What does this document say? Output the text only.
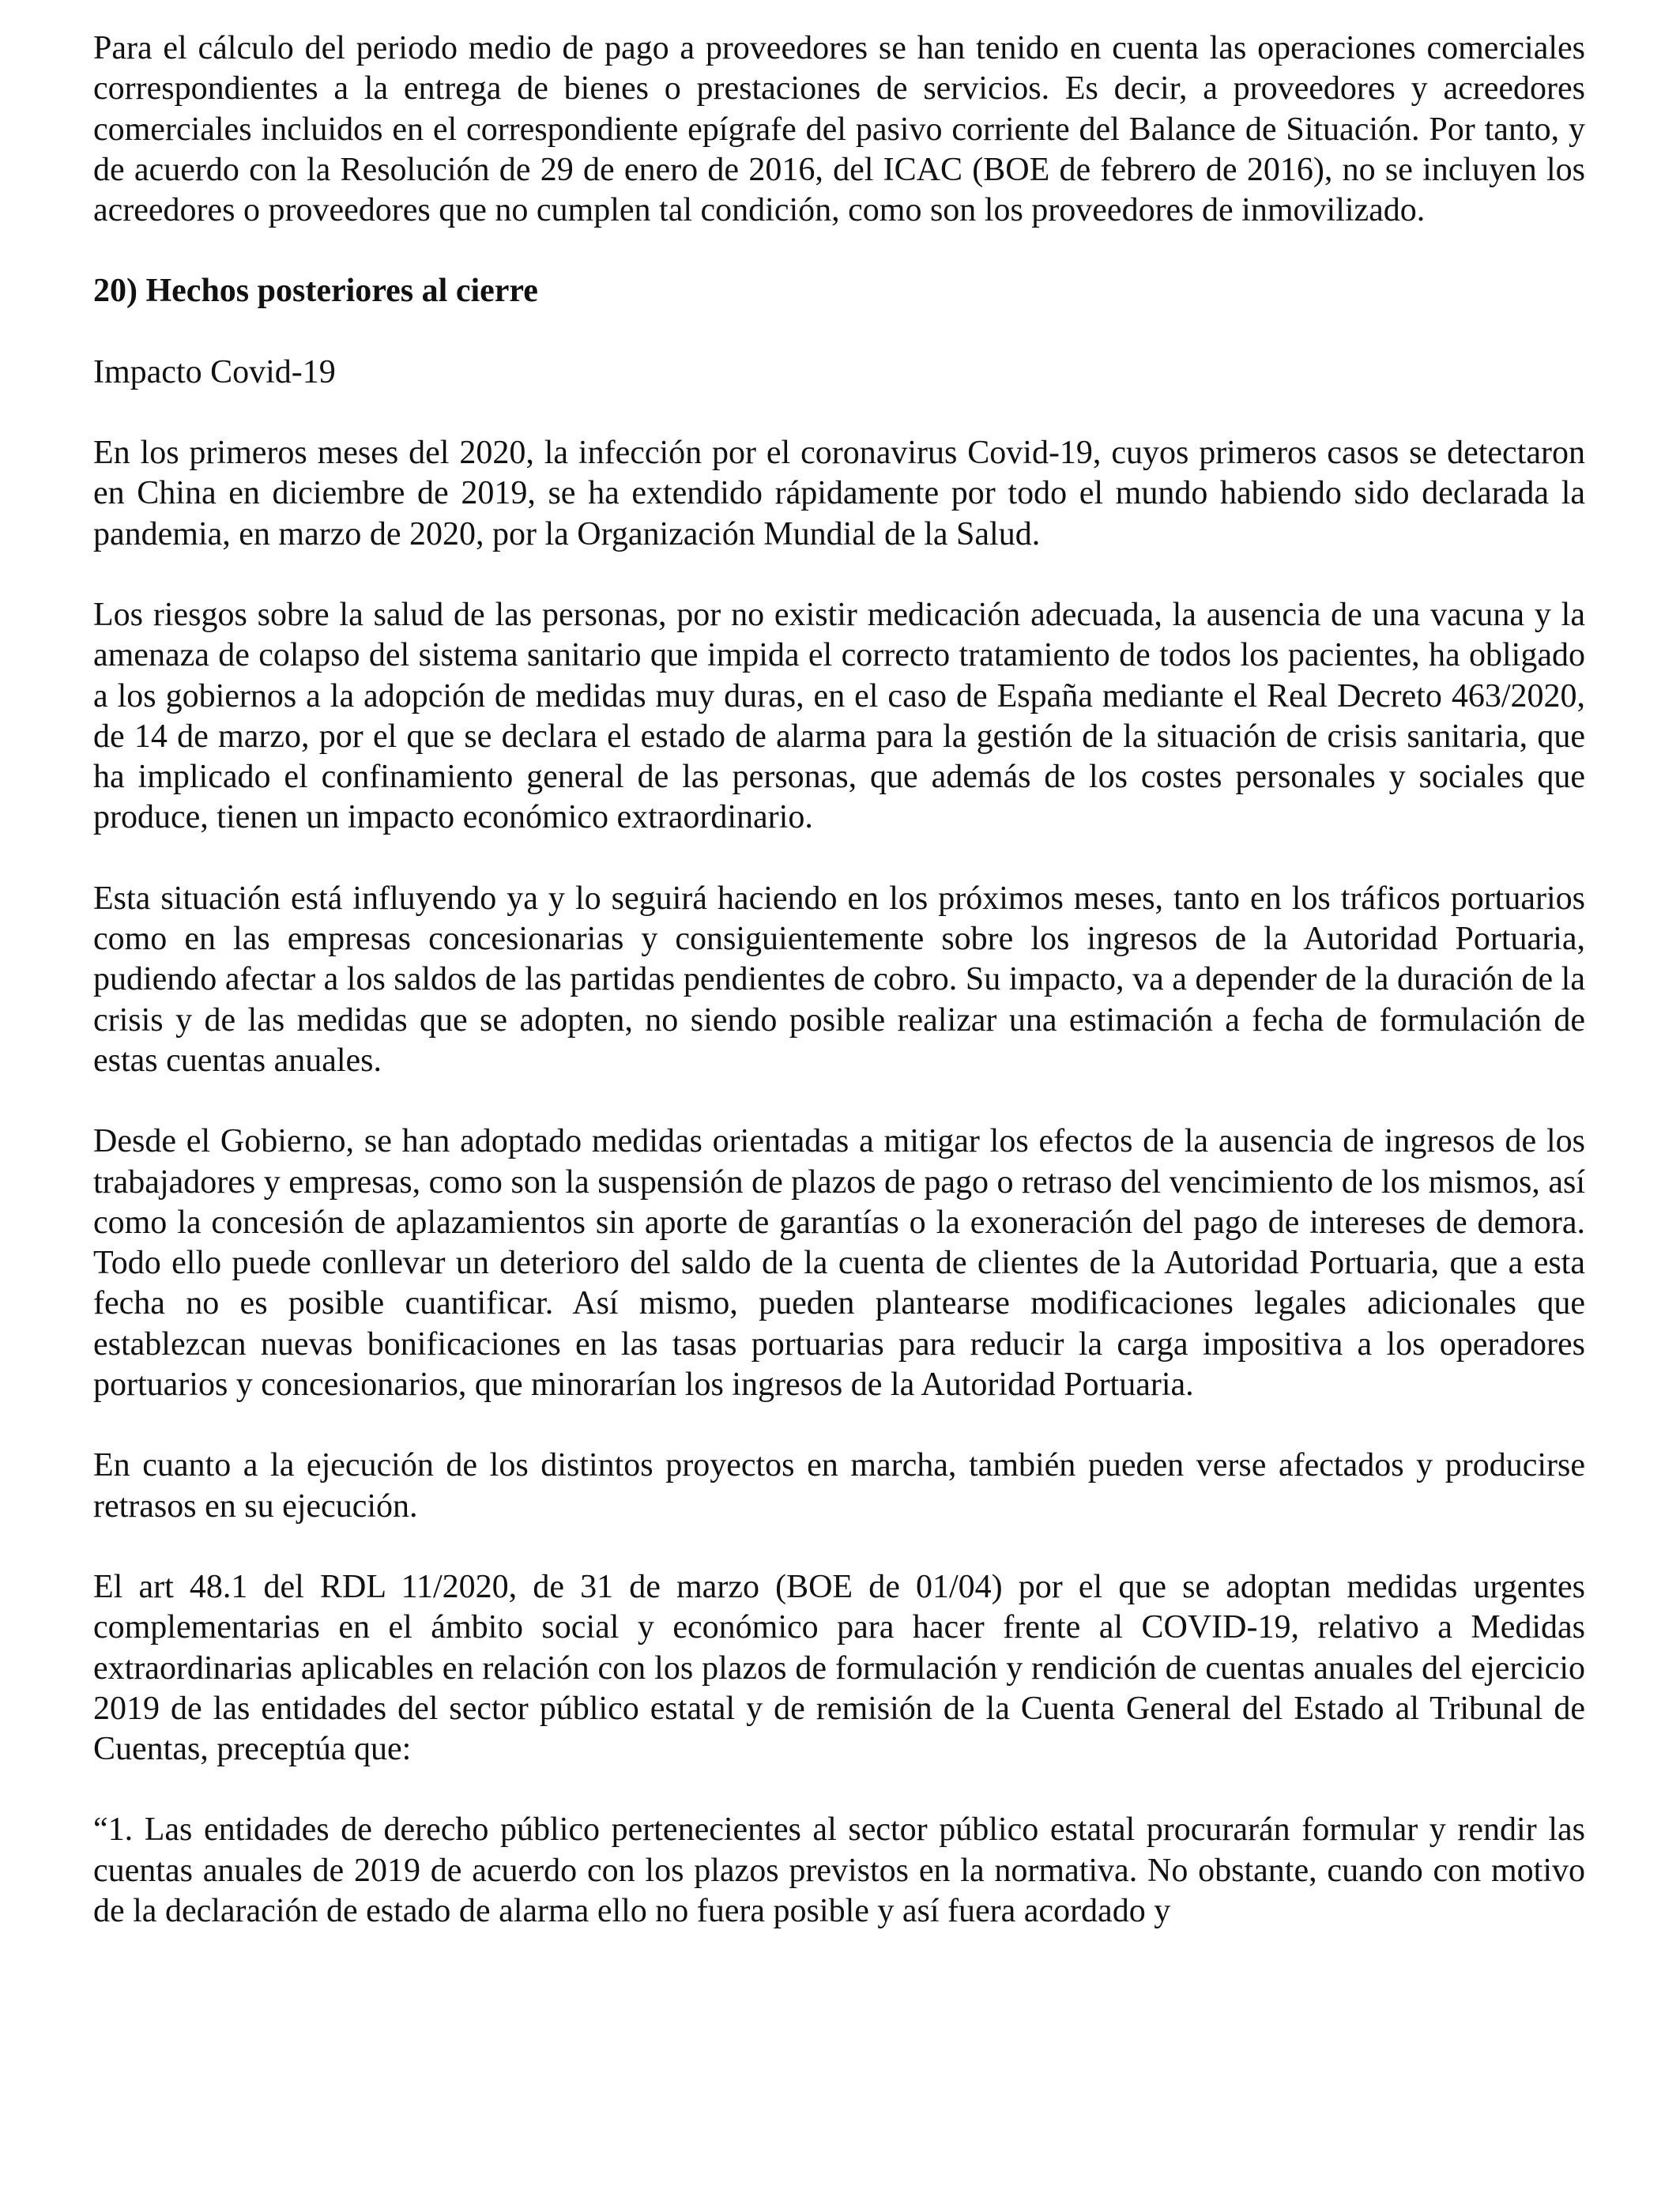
Para el cálculo del periodo medio de pago a proveedores se han tenido en cuenta las operaciones comerciales correspondientes a la entrega de bienes o prestaciones de servicios. Es decir, a proveedores y acreedores comerciales incluidos en el correspondiente epígrafe del pasivo corriente del Balance de Situación. Por tanto, y de acuerdo con la Resolución de 29 de enero de 2016, del ICAC (BOE de febrero de 2016), no se incluyen los acreedores o proveedores que no cumplen tal condición, como son los proveedores de inmovilizado.

20) Hechos posteriores al cierre

Impacto Covid-19

En los primeros meses del 2020, la infección por el coronavirus Covid-19, cuyos primeros casos se detectaron en China en diciembre de 2019, se ha extendido rápidamente por todo el mundo habiendo sido declarada la pandemia, en marzo de 2020, por la Organización Mundial de la Salud.

Los riesgos sobre la salud de las personas, por no existir medicación adecuada, la ausencia de una vacuna y la amenaza de colapso del sistema sanitario que impida el correcto tratamiento de todos los pacientes, ha obligado a los gobiernos a la adopción de medidas muy duras, en el caso de España mediante el Real Decreto 463/2020, de 14 de marzo, por el que se declara el estado de alarma para la gestión de la situación de crisis sanitaria, que ha implicado el confinamiento general de las personas, que además de los costes personales y sociales que produce, tienen un impacto económico extraordinario.

Esta situación está influyendo ya y lo seguirá haciendo en los próximos meses, tanto en los tráficos portuarios como en las empresas concesionarias y consiguientemente sobre los ingresos de la Autoridad Portuaria, pudiendo afectar a los saldos de las partidas pendientes de cobro. Su impacto, va a depender de la duración de la crisis y de las medidas que se adopten, no siendo posible realizar una estimación a fecha de formulación de estas cuentas anuales.

Desde el Gobierno, se han adoptado medidas orientadas a mitigar los efectos de la ausencia de ingresos de los trabajadores y empresas, como son la suspensión de plazos de pago o retraso del vencimiento de los mismos, así como la concesión de aplazamientos sin aporte de garantías o la exoneración del pago de intereses de demora. Todo ello puede conllevar un deterioro del saldo de la cuenta de clientes de la Autoridad Portuaria, que a esta fecha no es posible cuantificar. Así mismo, pueden plantearse modificaciones legales adicionales que establezcan nuevas bonificaciones en las tasas portuarias para reducir la carga impositiva a los operadores portuarios y concesionarios, que minorarían los ingresos de la Autoridad Portuaria.

En cuanto a la ejecución de los distintos proyectos en marcha, también pueden verse afectados y producirse retrasos en su ejecución.

El art 48.1 del RDL 11/2020, de 31 de marzo (BOE de 01/04) por el que se adoptan medidas urgentes complementarias en el ámbito social y económico para hacer frente al COVID-19, relativo a Medidas extraordinarias aplicables en relación con los plazos de formulación y rendición de cuentas anuales del ejercicio 2019 de las entidades del sector público estatal y de remisión de la Cuenta General del Estado al Tribunal de Cuentas, preceptúa que:

“1. Las entidades de derecho público pertenecientes al sector público estatal procurarán formular y rendir las cuentas anuales de 2019 de acuerdo con los plazos previstos en la normativa. No obstante, cuando con motivo de la declaración de estado de alarma ello no fuera posible y así fuera acordado y
